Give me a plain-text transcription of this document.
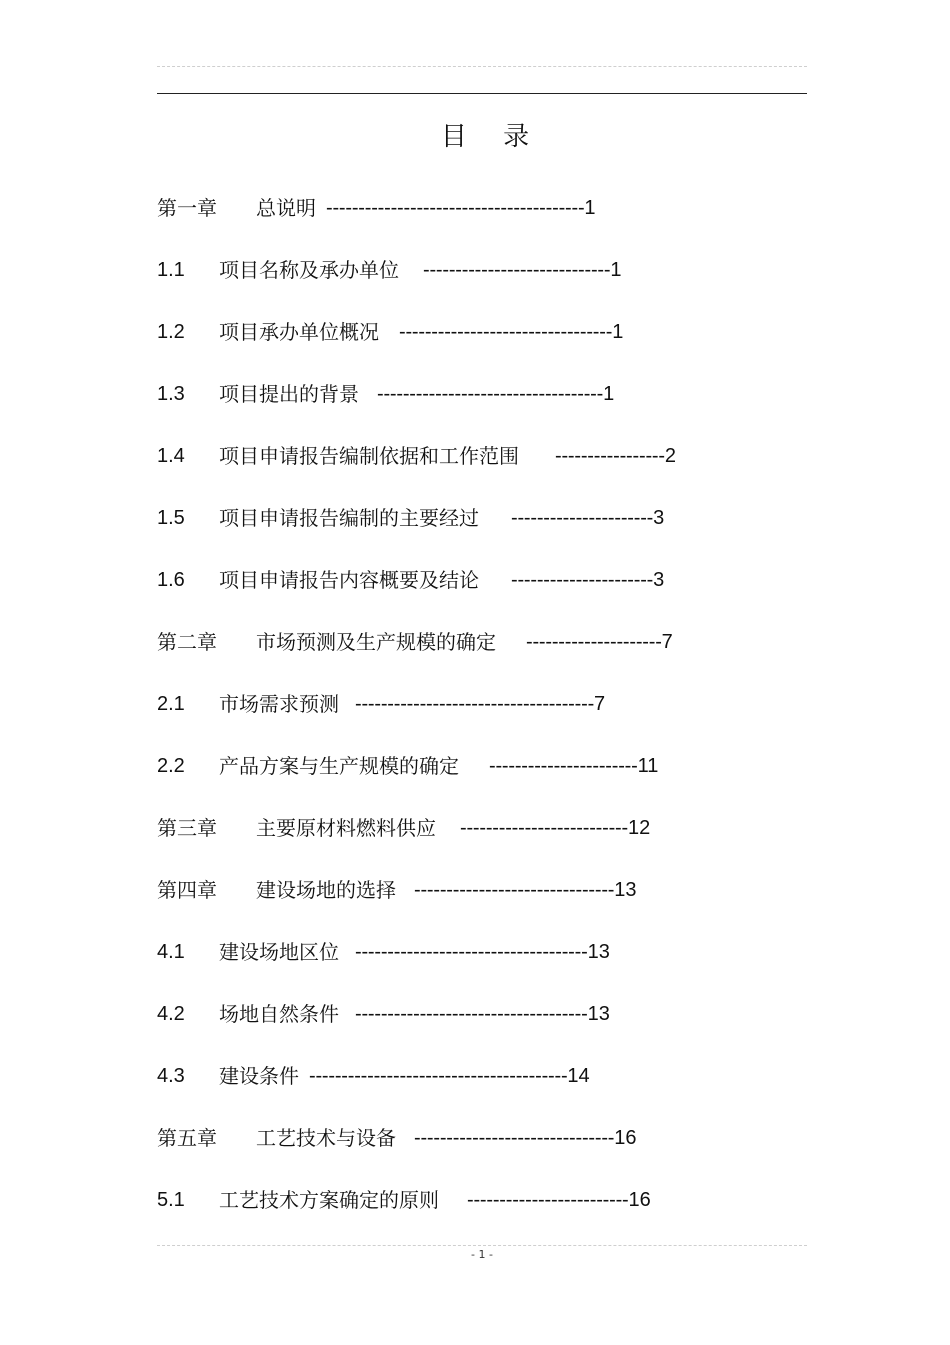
目 录
第一章 总说明 ----------------------------------------1
1.1 项目名称及承办单位 -----------------------------1
1.2 项目承办单位概况 ---------------------------------1
1.3 项目提出的背景 -----------------------------------1
1.4 项目申请报告编制依据和工作范围 -----------------2
1.5 项目申请报告编制的主要经过 ----------------------3
1.6 项目申请报告内容概要及结论 ----------------------3
第二章 市场预测及生产规模的确定 ---------------------7
2.1 市场需求预测 -------------------------------------7
2.2 产品方案与生产规模的确定 -----------------------11
第三章 主要原材料燃料供应 --------------------------12
第四章 建设场地的选择 -------------------------------13
4.1 建设场地区位 ------------------------------------13
4.2 场地自然条件 ------------------------------------13
4.3 建设条件 ----------------------------------------14
第五章 工艺技术与设备 -------------------------------16
5.1 工艺技术方案确定的原则 -------------------------16
- 1 -
